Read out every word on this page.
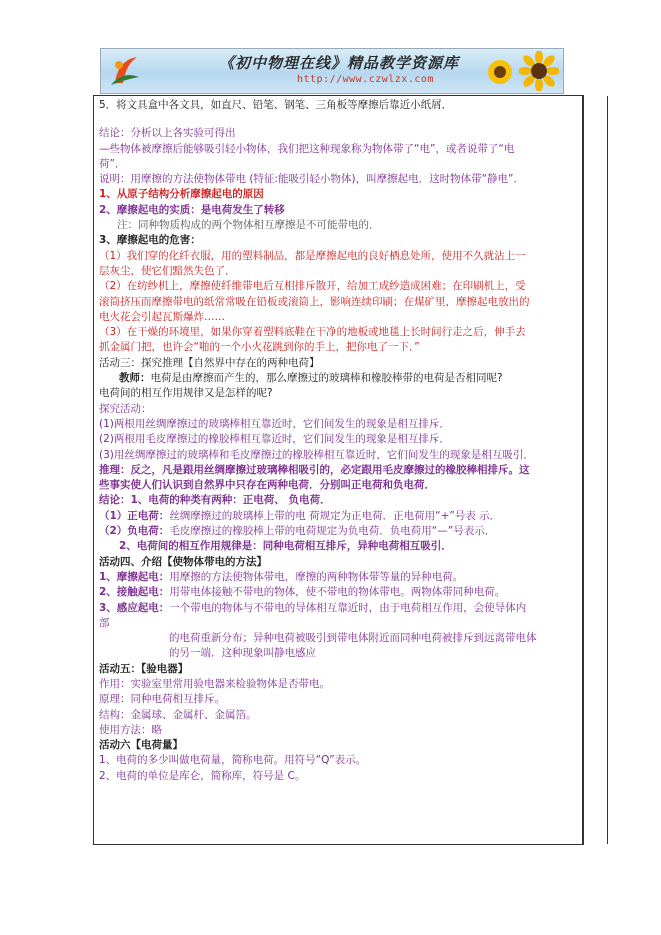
《初中物理在线》精品教学资源库
http://www.czwlzx.com
5．将文具盒中各文具，如直尺、铅笔、钢笔、三角板等摩擦后靠近小纸屑．
结论：分析以上各实验可得出
—些物体被摩擦后能够吸引轻小物体，我们把这种现象称为物体带了“电”，或者说带了“电
荷”．
说明：用摩擦的方法使物体带电 (特征:能吸引轻小物体)，叫摩擦起电．这时物体带“静电”．
1、从原子结构分析摩擦起电的原因
2、摩擦起电的实质：是电荷发生了转移
注：同种物质构成的两个物体相互摩擦是不可能带电的．
3、摩擦起电的危害：
（1）我们穿的化纤衣服，用的塑料制品，都是摩擦起电的良好栖息处所，使用不久就沾上一
层灰尘，使它们黯然失色了．
（2）在纺纱机上，摩擦使纤维带电后互相排斥散开，给加工成纱造成困难；在印刷机上，受
滚筒挤压而摩擦带电的纸常常吸在铅板或滚筒上，影响连续印刷；在煤矿里，摩擦起电放出的
电火花会引起瓦斯爆炸……
（3）在干燥的环境里，如果你穿着塑料底鞋在干净的地板或地毯上长时间行走之后，伸手去
抓金属门把，也许会“啪的一个小火花跳到你的手上，把你电了一下．”
活动三：探究推理【自然界中存在的两种电荷】
教师：电荷是由摩擦而产生的，那么摩擦过的玻璃棒和橡胶棒带的电荷是否相同呢?
电荷间的相互作用规律又是怎样的呢?
探究活动：
(1)两根用丝绸摩擦过的玻璃棒相互靠近时，它们间发生的现象是相互排斥．
(2)两根用毛皮摩擦过的橡胶棒相互靠近时，它们间发生的现象是相互排斥．
(3)用丝绸摩擦过的玻璃棒和毛皮摩擦过的橡胶棒相互靠近时，它们间发生的现象是相互吸引．
推理：反之，凡是跟用丝绸摩擦过玻璃棒相吸引的，必定跟用毛皮摩擦过的橡胶棒相排斥。这
些事实使人们认识到自然界中只存在两种电荷．分别叫正电荷和负电荷．
结论：1、电荷的种类有两种：正电荷、 负电荷．
（1）正电荷：丝绸摩擦过的玻璃棒上带的电 荷规定为正电荷．正电荷用“+”号表 示．
（2）负电荷：毛皮摩擦过的橡胶棒上带的电荷规定为负电荷．负电荷用“—”号表示．
2、电荷间的相互作用规律是：同种电荷相互排斥，异种电荷相互吸引．
活动四、介绍【使物体带电的方法】
1、摩擦起电：用摩擦的方法使物体带电，摩擦的两种物体带等量的异种电荷。
2、接触起电：用带电体接触不带电的物体，使不带电的物体带电。两物体带同种电荷。
3、感应起电：一个带电的物体与不带电的导体相互靠近时，由于电荷相互作用，会使导体内
部
的电荷重新分布；异种电荷被吸引到带电体附近而同种电荷被排斥到远离带电体
的另一端．这种现象叫静电感应
活动五：【验电器】
作用：实验室里常用验电器来检验物体是否带电。
原理：同种电荷相互排斥。
结构：金属球、金属杆、金属箔。
使用方法：略
活动六【电荷量】
1、电荷的多少叫做电荷量，简称电荷。用符号“Q”表示。
2、电荷的单位是库仑，简称库，符号是 C。
